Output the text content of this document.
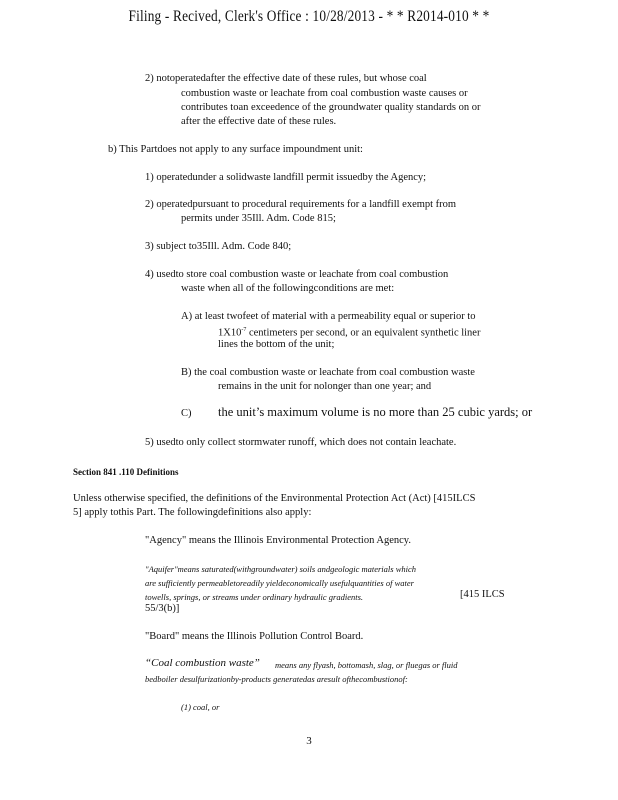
Filing - Recived, Clerk's Office : 10/28/2013 - * * R2014-010 * *
2) notoperatedafter the effective date of these rules, but whose coal
combustion waste or leachate from coal combustion waste causes or
contributes toan exceedence of the groundwater quality standards on or
after the effective date of these rules.
b) This Partdoes not apply to any surface impoundment unit:
1) operatedunder a solidwaste landfill permit issuedby the Agency;
2) operatedpursuant to procedural requirements for a landfill exempt from
permits under 35Ill. Adm. Code 815;
3) subject to35Ill. Adm. Code 840;
4) usedto store coal combustion waste or leachate from coal combustion
waste when all of the followingconditions are met:
A) at least twofeet of material with a permeability equal or superior to
$1X10^{-7}$ centimeters per second, or an equivalent synthetic liner
lines the bottom of the unit;
B) the coal combustion waste or leachate from coal combustion waste
remains in the unit for nolonger than one year; and
C) the unit’s maximum volume is no more than 25 cubic yards; or
5) usedto only collect stormwater runoff, which does not contain leachate.
Section 841 .110 Definitions
Unless otherwise specified, the definitions of the Environmental Protection Act (Act) [415ILCS
5] apply tothis Part. The followingdefinitions also apply:
"Agency" means the Illinois Environmental Protection Agency.
"Aquifer"means saturated(withgroundwater) soils andgeologic materials which
are sufficiently permeabletoreadily yieldeconomically usefulquantities of water
towells, springs, or streams under ordinary hydraulic gradients.	[415 ILCS
55/3(b)]
"Board" means the Illinois Pollution Control Board.
“Coal combustion waste” means any flyash, bottomash, slag, or fluegas or fluid
bedboiler desulfurizationby-products generatedas aresult ofthecombustionof:
(1) coal, or
3
